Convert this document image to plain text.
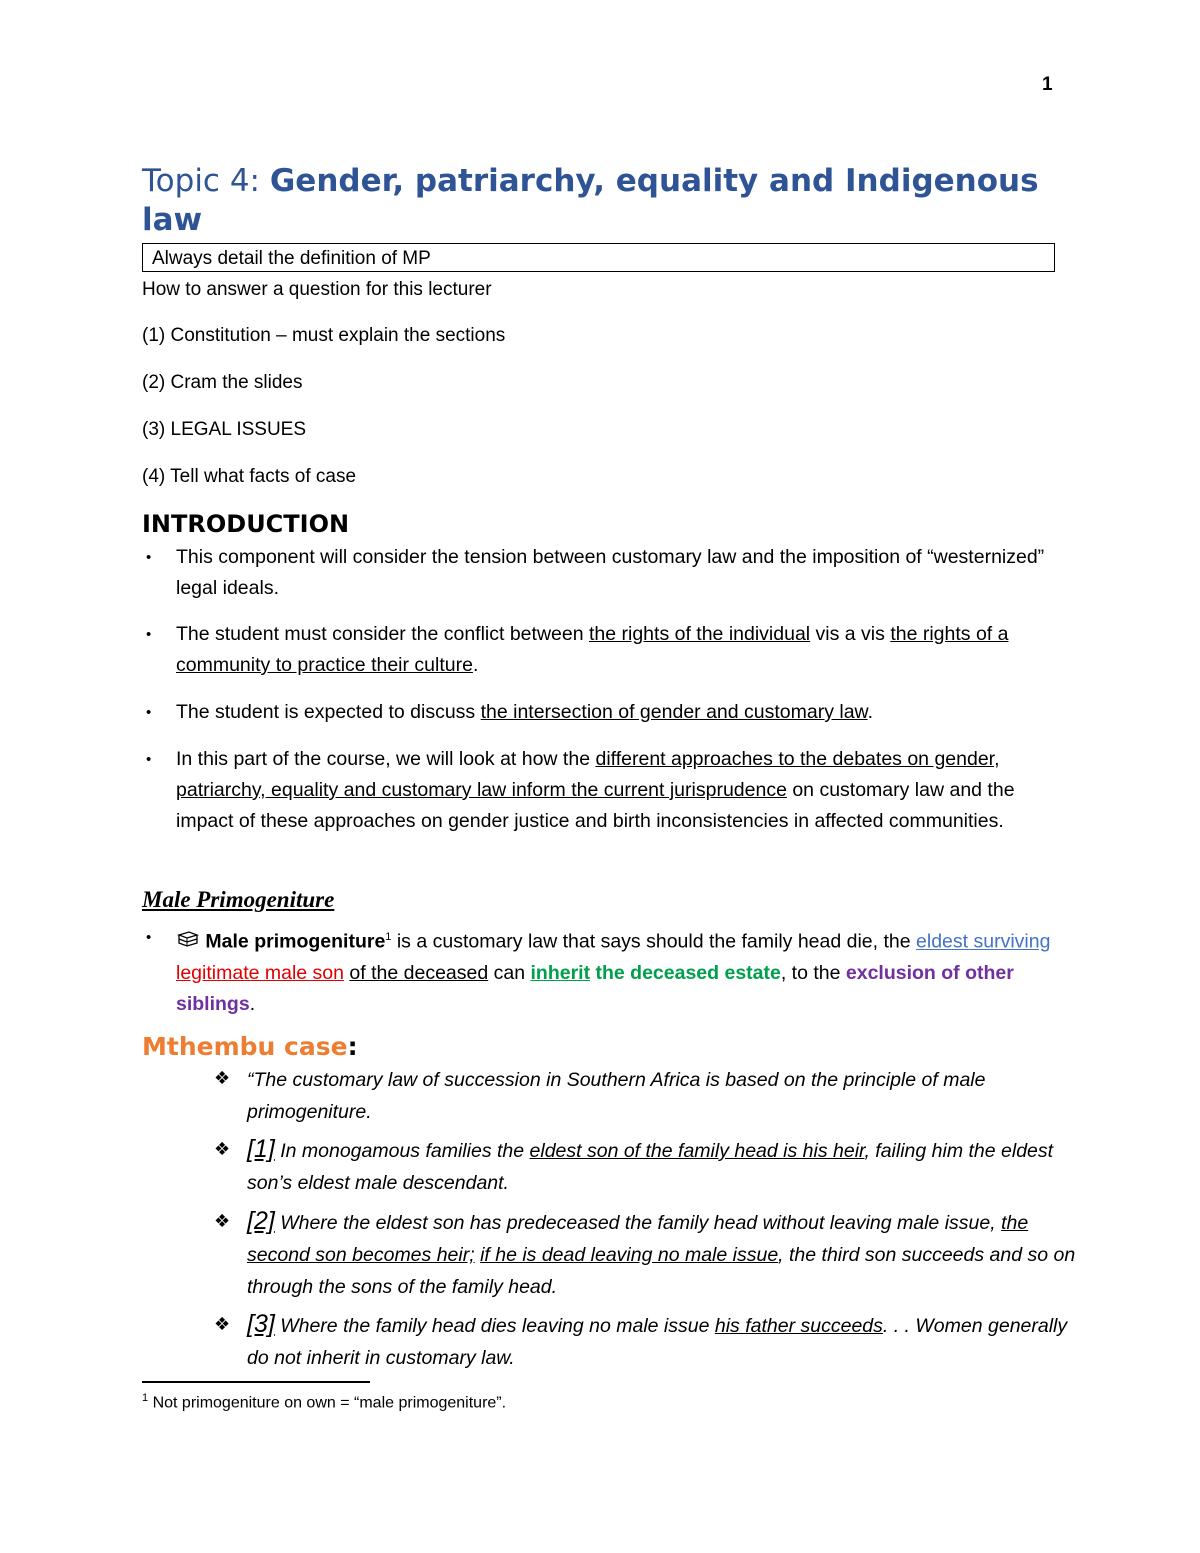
1
Topic 4: Gender, patriarchy, equality and Indigenous law
Always detail the definition of MP
How to answer a question for this lecturer
(1) Constitution – must explain the sections
(2) Cram the slides
(3) LEGAL ISSUES
(4) Tell what facts of case
INTRODUCTION
• This component will consider the tension between customary law and the imposition of “westernized” legal ideals.
• The student must consider the conflict between the rights of the individual vis a vis the rights of a community to practice their culture.
• The student is expected to discuss the intersection of gender and customary law.
• In this part of the course, we will look at how the different approaches to the debates on gender, patriarchy, equality and customary law inform the current jurisprudence on customary law and the impact of these approaches on gender justice and birth inconsistencies in affected communities.
Male Primogeniture
•	Male primogeniture$^1$ is a customary law that says should the family head die, the eldest surviving legitimate male son of the deceased can inherit the deceased estate, to the exclusion of other siblings.
Mthembu case:
❖ “The customary law of succession in Southern Africa is based on the principle of male primogeniture.
❖ [1] In monogamous families the eldest son of the family head is his heir, failing him the eldest son’s eldest male descendant.
❖ [2] Where the eldest son has predeceased the family head without leaving male issue, the second son becomes heir; if he is dead leaving no male issue, the third son succeeds and so on through the sons of the family head.
❖ [3] Where the family head dies leaving no male issue his father succeeds. . . Women generally do not inherit in customary law.
$^1$ Not primogeniture on own = “male primogeniture”.
